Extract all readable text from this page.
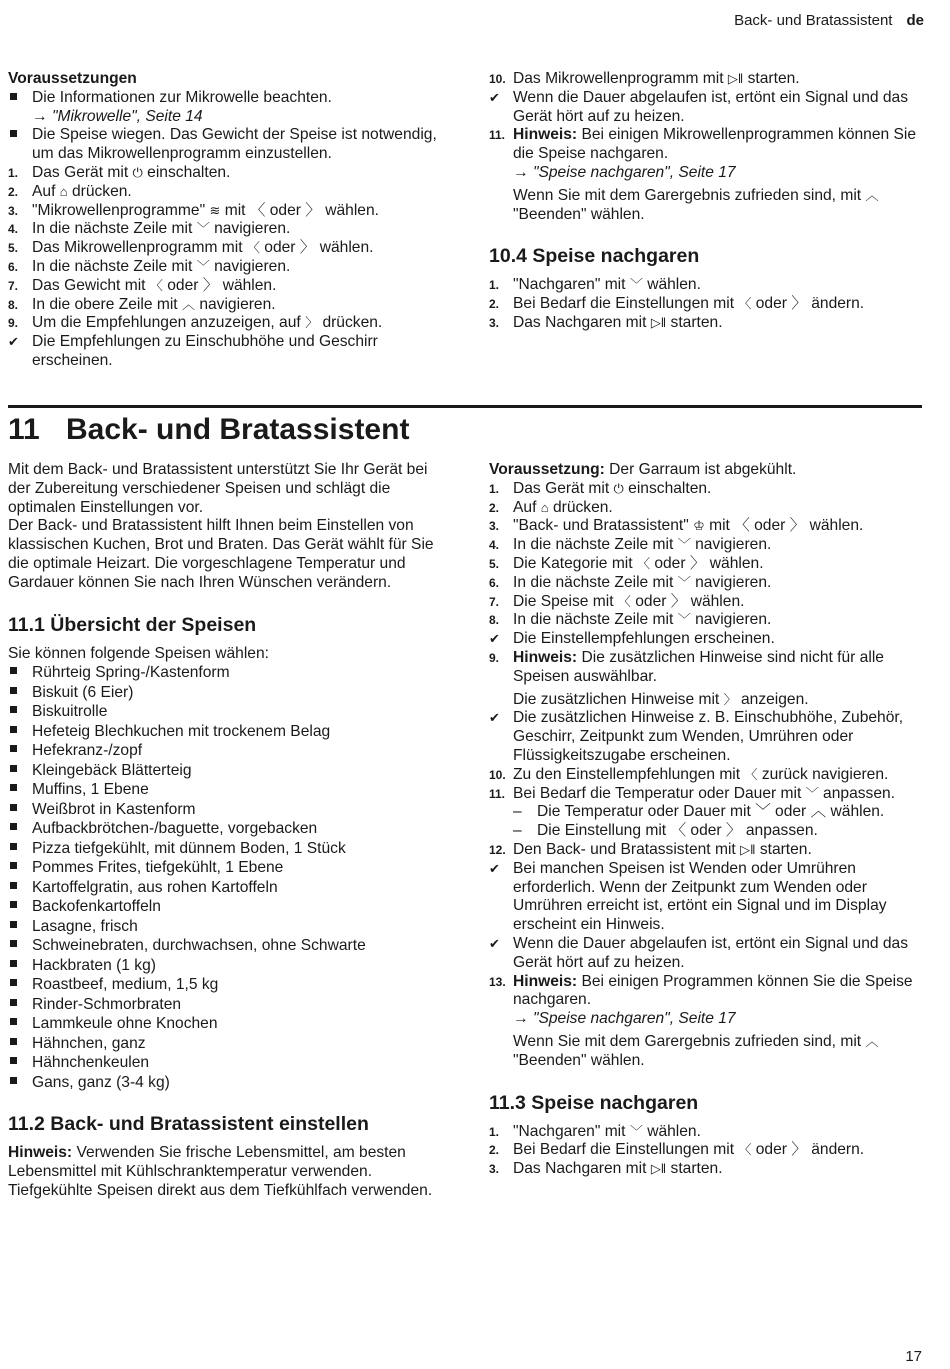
Back- und Bratassistent de
Voraussetzungen
Die Informationen zur Mikrowelle beachten.
→ "Mikrowelle", Seite 14
Die Speise wiegen. Das Gewicht der Speise ist notwendig, um das Mikrowellenprogramm einzustellen.
1. Das Gerät mit ⏻ einschalten.
2. Auf ⌂ drücken.
3. "Mikrowellenprogramme" ≋ mit 〈 oder 〉 wählen.
4. In die nächste Zeile mit ﹀ navigieren.
5. Das Mikrowellenprogramm mit 〈 oder 〉 wählen.
6. In die nächste Zeile mit ﹀ navigieren.
7. Das Gewicht mit 〈 oder 〉 wählen.
8. In die obere Zeile mit ︿ navigieren.
9. Um die Empfehlungen anzuzeigen, auf 〉 drücken.
✔ Die Empfehlungen zu Einschubhöhe und Geschirr erscheinen.
10. Das Mikrowellenprogramm mit ▷‖ starten.
✔ Wenn die Dauer abgelaufen ist, ertönt ein Signal und das Gerät hört auf zu heizen.
11. Hinweis: Bei einigen Mikrowellenprogrammen können Sie die Speise nachgaren.
→ "Speise nachgaren", Seite 17
Wenn Sie mit dem Garergebnis zufrieden sind, mit ︿ "Beenden" wählen.
10.4 Speise nachgaren
1. "Nachgaren" mit ﹀ wählen.
2. Bei Bedarf die Einstellungen mit 〈 oder 〉 ändern.
3. Das Nachgaren mit ▷‖ starten.
11 Back- und Bratassistent
Mit dem Back- und Bratassistent unterstützt Sie Ihr Gerät bei der Zubereitung verschiedener Speisen und schlägt die optimalen Einstellungen vor.
Der Back- und Bratassistent hilft Ihnen beim Einstellen von klassischen Kuchen, Brot und Braten. Das Gerät wählt für Sie die optimale Heizart. Die vorgeschlagene Temperatur und Gardauer können Sie nach Ihren Wünschen verändern.
11.1 Übersicht der Speisen
Sie können folgende Speisen wählen:
Rührteig Spring-/Kastenform
Biskuit (6 Eier)
Biskuitrolle
Hefeteig Blechkuchen mit trockenem Belag
Hefekranz-/zopf
Kleingebäck Blätterteig
Muffins, 1 Ebene
Weißbrot in Kastenform
Aufbackbrötchen-/baguette, vorgebacken
Pizza tiefgekühlt, mit dünnem Boden, 1 Stück
Pommes Frites, tiefgekühlt, 1 Ebene
Kartoffelgratin, aus rohen Kartoffeln
Backofenkartoffeln
Lasagne, frisch
Schweinebraten, durchwachsen, ohne Schwarte
Hackbraten (1 kg)
Roastbeef, medium, 1,5 kg
Rinder-Schmorbraten
Lammkeule ohne Knochen
Hähnchen, ganz
Hähnchenkeulen
Gans, ganz (3-4 kg)
11.2 Back- und Bratassistent einstellen
Hinweis: Verwenden Sie frische Lebensmittel, am besten Lebensmittel mit Kühlschranktemperatur verwenden. Tiefgekühlte Speisen direkt aus dem Tiefkühlfach verwenden.
Voraussetzung: Der Garraum ist abgekühlt.
1. Das Gerät mit ⏻ einschalten.
2. Auf ⌂ drücken.
3. "Back- und Bratassistent" ♔ mit 〈 oder 〉 wählen.
4. In die nächste Zeile mit ﹀ navigieren.
5. Die Kategorie mit 〈 oder 〉 wählen.
6. In die nächste Zeile mit ﹀ navigieren.
7. Die Speise mit 〈 oder 〉 wählen.
8. In die nächste Zeile mit ﹀ navigieren.
✔ Die Einstellempfehlungen erscheinen.
9. Hinweis: Die zusätzlichen Hinweise sind nicht für alle Speisen auswählbar.
Die zusätzlichen Hinweise mit 〉 anzeigen.
✔ Die zusätzlichen Hinweise z. B. Einschubhöhe, Zubehör, Geschirr, Zeitpunkt zum Wenden, Umrühren oder Flüssigkeitszugabe erscheinen.
10. Zu den Einstellempfehlungen mit 〈 zurück navigieren.
11. Bei Bedarf die Temperatur oder Dauer mit ﹀ anpassen.
– Die Temperatur oder Dauer mit ﹀ oder ︿ wählen.
– Die Einstellung mit 〈 oder 〉 anpassen.
12. Den Back- und Bratassistent mit ▷‖ starten.
✔ Bei manchen Speisen ist Wenden oder Umrühren erforderlich. Wenn der Zeitpunkt zum Wenden oder Umrühren erreicht ist, ertönt ein Signal und im Display erscheint ein Hinweis.
✔ Wenn die Dauer abgelaufen ist, ertönt ein Signal und das Gerät hört auf zu heizen.
13. Hinweis: Bei einigen Programmen können Sie die Speise nachgaren.
→ "Speise nachgaren", Seite 17
Wenn Sie mit dem Garergebnis zufrieden sind, mit ︿ "Beenden" wählen.
11.3 Speise nachgaren
1. "Nachgaren" mit ﹀ wählen.
2. Bei Bedarf die Einstellungen mit 〈 oder 〉 ändern.
3. Das Nachgaren mit ▷‖ starten.
17
